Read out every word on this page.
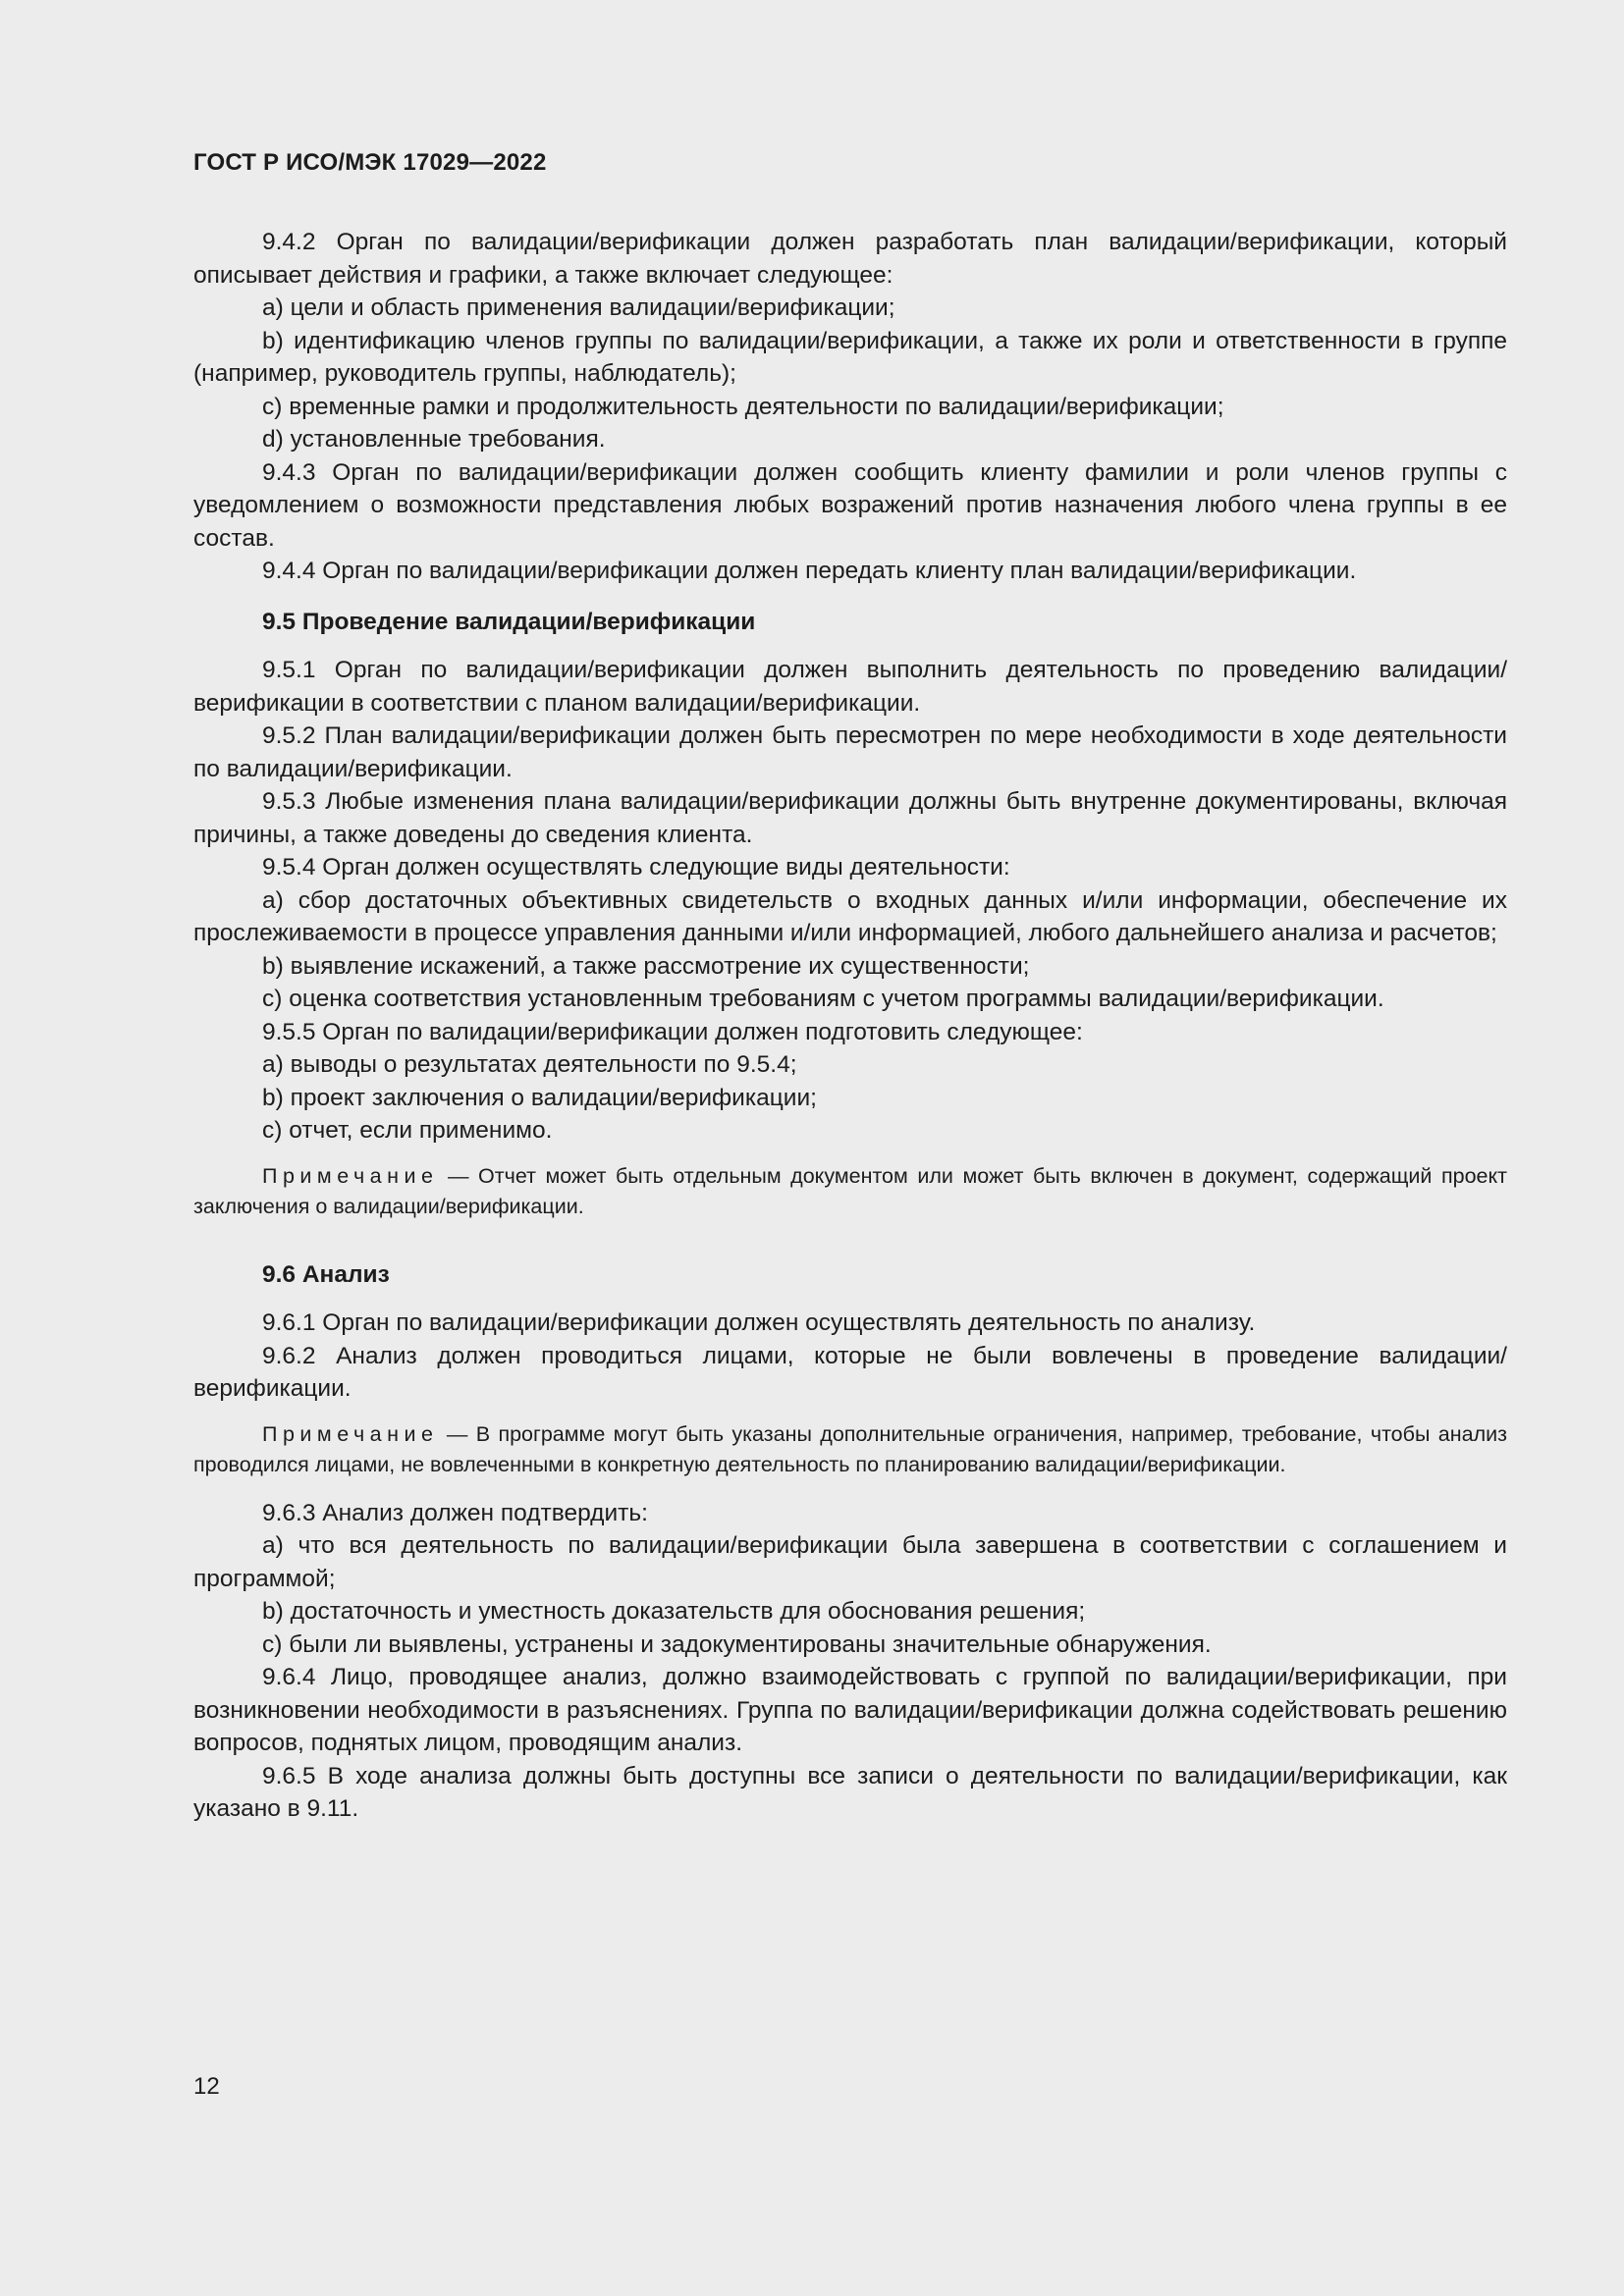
ГОСТ Р ИСО/МЭК 17029—2022

9.4.2 Орган по валидации/верификации должен разработать план валидации/верификации, который описывает действия и графики, а также включает следующее:

a) цели и область применения валидации/верификации;

b) идентификацию членов группы по валидации/верификации, а также их роли и ответственности в группе (например, руководитель группы, наблюдатель);

c) временные рамки и продолжительность деятельности по валидации/верификации;

d) установленные требования.

9.4.3 Орган по валидации/верификации должен сообщить клиенту фамилии и роли членов группы с уведомлением о возможности представления любых возражений против назначения любого члена группы в ее состав.

9.4.4 Орган по валидации/верификации должен передать клиенту план валидации/верификации.

9.5 Проведение валидации/верификации

9.5.1 Орган по валидации/верификации должен выполнить деятельность по проведению валидации/верификации в соответствии с планом валидации/верификации.

9.5.2 План валидации/верификации должен быть пересмотрен по мере необходимости в ходе деятельности по валидации/верификации.

9.5.3 Любые изменения плана валидации/верификации должны быть внутренне документированы, включая причины, а также доведены до сведения клиента.

9.5.4 Орган должен осуществлять следующие виды деятельности:

a) сбор достаточных объективных свидетельств о входных данных и/или информации, обеспечение их прослеживаемости в процессе управления данными и/или информацией, любого дальнейшего анализа и расчетов;

b) выявление искажений, а также рассмотрение их существенности;

c) оценка соответствия установленным требованиям с учетом программы валидации/верификации.

9.5.5 Орган по валидации/верификации должен подготовить следующее:

a) выводы о результатах деятельности по 9.5.4;

b) проект заключения о валидации/верификации;

c) отчет, если применимо.

Примечание — Отчет может быть отдельным документом или может быть включен в документ, содержащий проект заключения о валидации/верификации.

9.6 Анализ

9.6.1 Орган по валидации/верификации должен осуществлять деятельность по анализу.

9.6.2 Анализ должен проводиться лицами, которые не были вовлечены в проведение валидации/верификации.

Примечание — В программе могут быть указаны дополнительные ограничения, например, требование, чтобы анализ проводился лицами, не вовлеченными в конкретную деятельность по планированию валидации/верификации.

9.6.3 Анализ должен подтвердить:

a) что вся деятельность по валидации/верификации была завершена в соответствии с соглашением и программой;

b) достаточность и уместность доказательств для обоснования решения;

c) были ли выявлены, устранены и задокументированы значительные обнаружения.

9.6.4 Лицо, проводящее анализ, должно взаимодействовать с группой по валидации/верификации, при возникновении необходимости в разъяснениях. Группа по валидации/верификации должна содействовать решению вопросов, поднятых лицом, проводящим анализ.

9.6.5 В ходе анализа должны быть доступны все записи о деятельности по валидации/верификации, как указано в 9.11.

12
